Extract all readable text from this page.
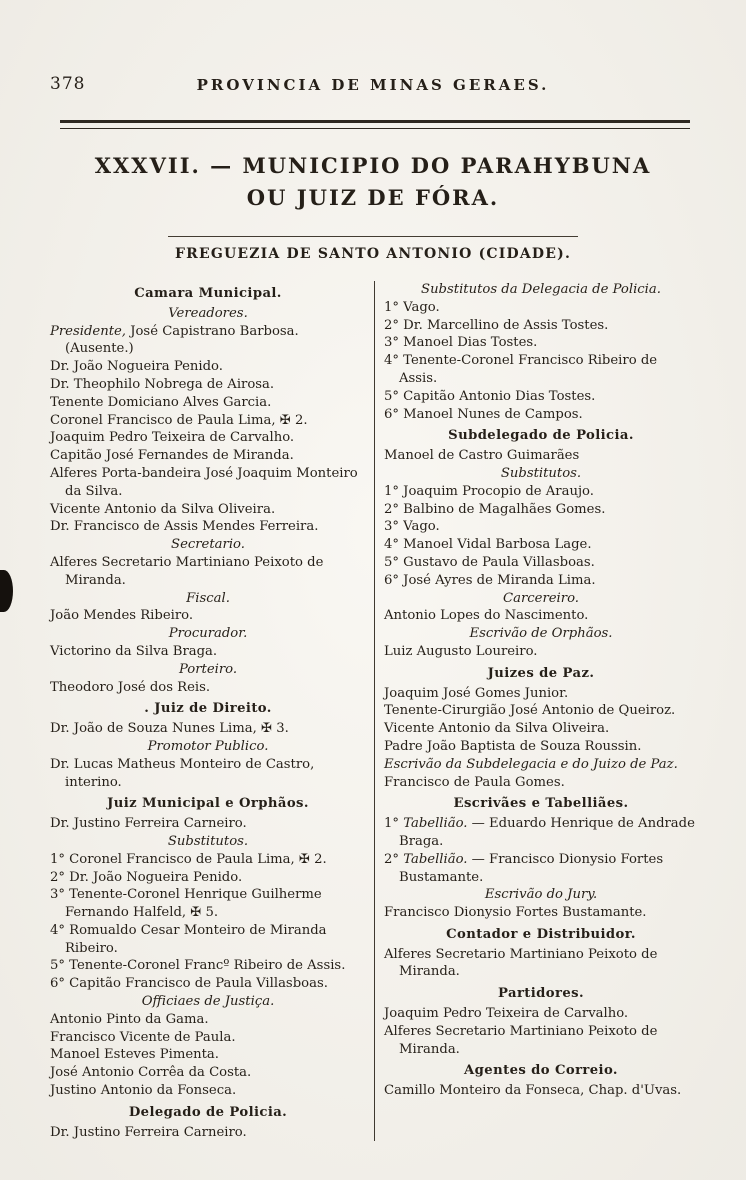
378	PROVINCIA DE MINAS GERAES.
XXXVII. — MUNICIPIO DO PARAHYBUNA
OU JUIZ DE FÓRA.
FREGUEZIA DE SANTO ANTONIO (CIDADE).
Camara Municipal.
Vereadores.
Presidente, José Capistrano Barbosa. (Ausente.)
Dr. João Nogueira Penido.
Dr. Theophilo Nobrega de Airosa.
Tenente Domiciano Alves Garcia.
Coronel Francisco de Paula Lima, ✠ 2.
Joaquim Pedro Teixeira de Carvalho.
Capitão José Fernandes de Miranda.
Alferes Porta-bandeira José Joaquim Monteiro da Silva.
Vicente Antonio da Silva Oliveira.
Dr. Francisco de Assis Mendes Ferreira.
Secretario.
Alferes Secretario Martiniano Peixoto de Miranda.
Fiscal.
João Mendes Ribeiro.
Procurador.
Victorino da Silva Braga.
Porteiro.
Theodoro José dos Reis.
. Juiz de Direito.
Dr. João de Souza Nunes Lima, ✠ 3.
Promotor Publico.
Dr. Lucas Matheus Monteiro de Castro, interino.
Juiz Municipal e Orphãos.
Dr. Justino Ferreira Carneiro.
Substitutos.
1° Coronel Francisco de Paula Lima, ✠ 2.
2° Dr. João Nogueira Penido.
3° Tenente-Coronel Henrique Guilherme Fernando Halfeld, ✠ 5.
4° Romualdo Cesar Monteiro de Miranda Ribeiro.
5° Tenente-Coronel Francº Ribeiro de Assis.
6° Capitão Francisco de Paula Villasboas.
Officiaes de Justiça.
Antonio Pinto da Gama.
Francisco Vicente de Paula.
Manoel Esteves Pimenta.
José Antonio Corrêa da Costa.
Justino Antonio da Fonseca.
Delegado de Policia.
Dr. Justino Ferreira Carneiro.
Substitutos da Delegacia de Policia.
1° Vago.
2° Dr. Marcellino de Assis Tostes.
3° Manoel Dias Tostes.
4° Tenente-Coronel Francisco Ribeiro de Assis.
5° Capitão Antonio Dias Tostes.
6° Manoel Nunes de Campos.
Subdelegado de Policia.
Manoel de Castro Guimarães
Substitutos.
1° Joaquim Procopio de Araujo.
2° Balbino de Magalhães Gomes.
3° Vago.
4° Manoel Vidal Barbosa Lage.
5° Gustavo de Paula Villasboas.
6° José Ayres de Miranda Lima.
Carcereiro.
Antonio Lopes do Nascimento.
Escrivão de Orphãos.
Luiz Augusto Loureiro.
Juizes de Paz.
Joaquim José Gomes Junior.
Tenente-Cirurgião José Antonio de Queiroz.
Vicente Antonio da Silva Oliveira.
Padre João Baptista de Souza Roussin.
Escrivão da Subdelegacia e do Juizo de Paz.
Francisco de Paula Gomes.
Escrivães e Tabelliães.
1° Tabellião. — Eduardo Henrique de Andrade Braga.
2° Tabellião. — Francisco Dionysio Fortes Bustamante.
Escrivão do Jury.
Francisco Dionysio Fortes Bustamante.
Contador e Distribuidor.
Alferes Secretario Martiniano Peixoto de Miranda.
Partidores.
Joaquim Pedro Teixeira de Carvalho.
Alferes Secretario Martiniano Peixoto de Miranda.
Agentes do Correio.
Camillo Monteiro da Fonseca, Chap. d'Uvas.
